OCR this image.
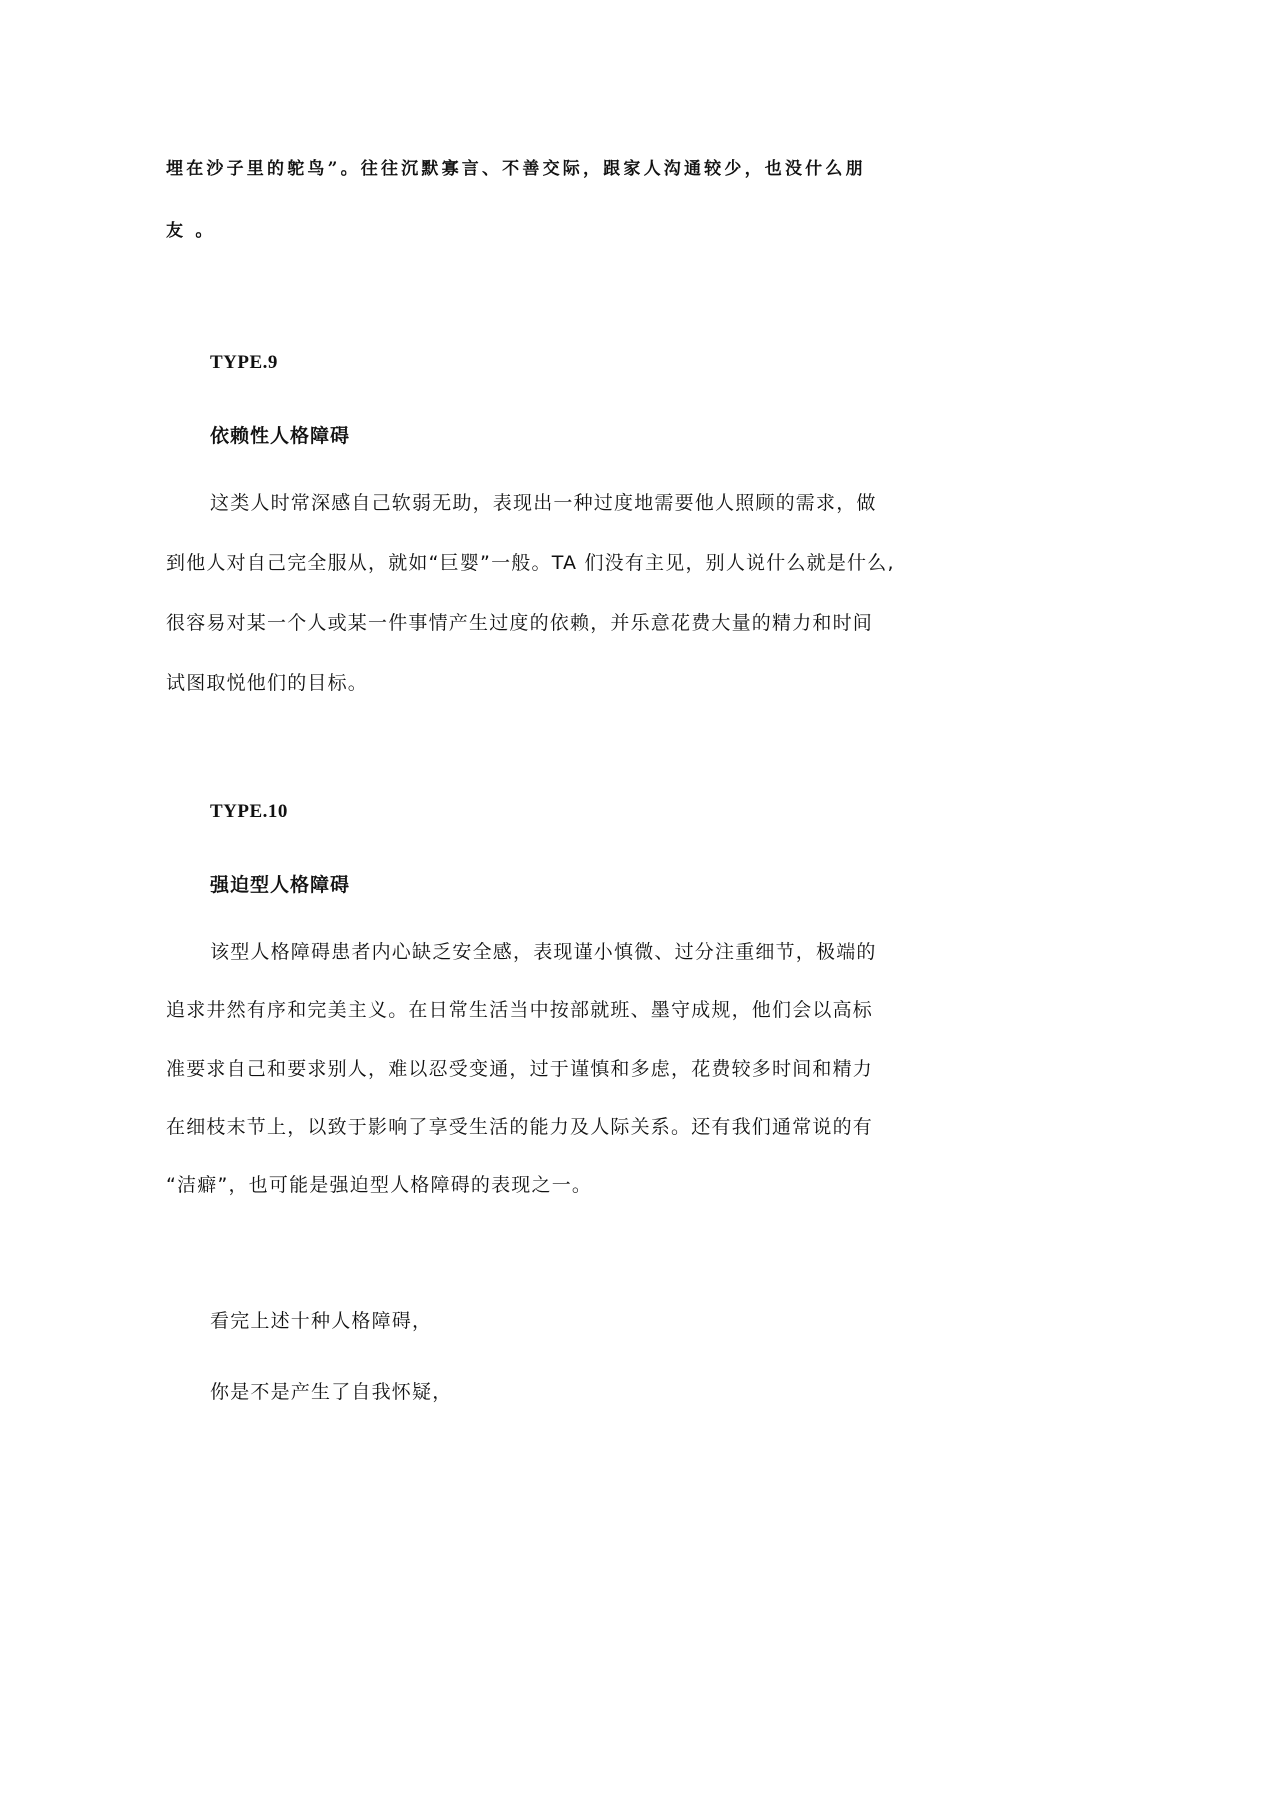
埋在沙子里的鸵鸟”。往往沉默寡言、不善交际，跟家人沟通较少，也没什么朋
友 。
TYPE.9
依赖性人格障碍
这类人时常深感自己软弱无助，表现出一种过度地需要他人照顾的需求，做
到他人对自己完全服从，就如“巨婴”一般。TA 们没有主见，别人说什么就是什么,
很容易对某一个人或某一件事情产生过度的依赖，并乐意花费大量的精力和时间
试图取悦他们的目标。
TYPE.10
强迫型人格障碍
该型人格障碍患者内心缺乏安全感，表现谨小慎微、过分注重细节，极端的
追求井然有序和完美主义。在日常生活当中按部就班、墨守成规，他们会以高标
准要求自己和要求别人，难以忍受变通，过于谨慎和多虑，花费较多时间和精力
在细枝末节上，以致于影响了享受生活的能力及人际关系。还有我们通常说的有
“洁癖”，也可能是强迫型人格障碍的表现之一。
看完上述十种人格障碍，
你是不是产生了自我怀疑，
